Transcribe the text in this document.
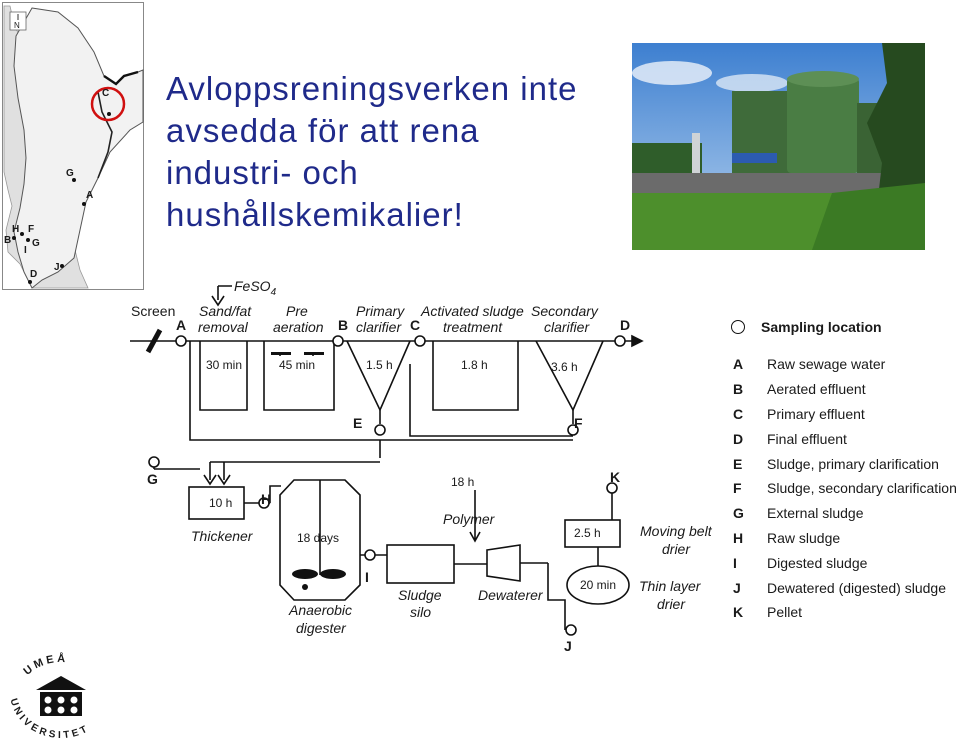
Avloppsreningsverken inte
avsedda för att rena
industri- och
hushållskemikalier!
N
C
G
A
H F
B G
I
D
J
FeSO$_4$
Screen Sand/fat
removal
Pre
aeration
Primary
clarifier
Activated sludge
treatment
Secondary
clarifier
30 min	45 min	1.5 h	1.8 h	3.6 h
10 h
18 days
18 h
2.5 h
20 min
Thickener
Anaerobic
digester
Sludge
silo
Polymer
Dewaterer
Moving belt
drier
Thin layer
drier
A	B	C	D
E	F
G
H
I
J
K
Sampling location
A	Raw sewage water
B	Aerated effluent
C	Primary effluent
D	Final effluent
E	Sludge, primary clarification
F	Sludge, secondary clarification
G	External sludge
H	Raw sludge
I	Digested sludge
J	Dewatered (digested) sludge
K	Pellet
UMEÅ
UNIVERSITET
